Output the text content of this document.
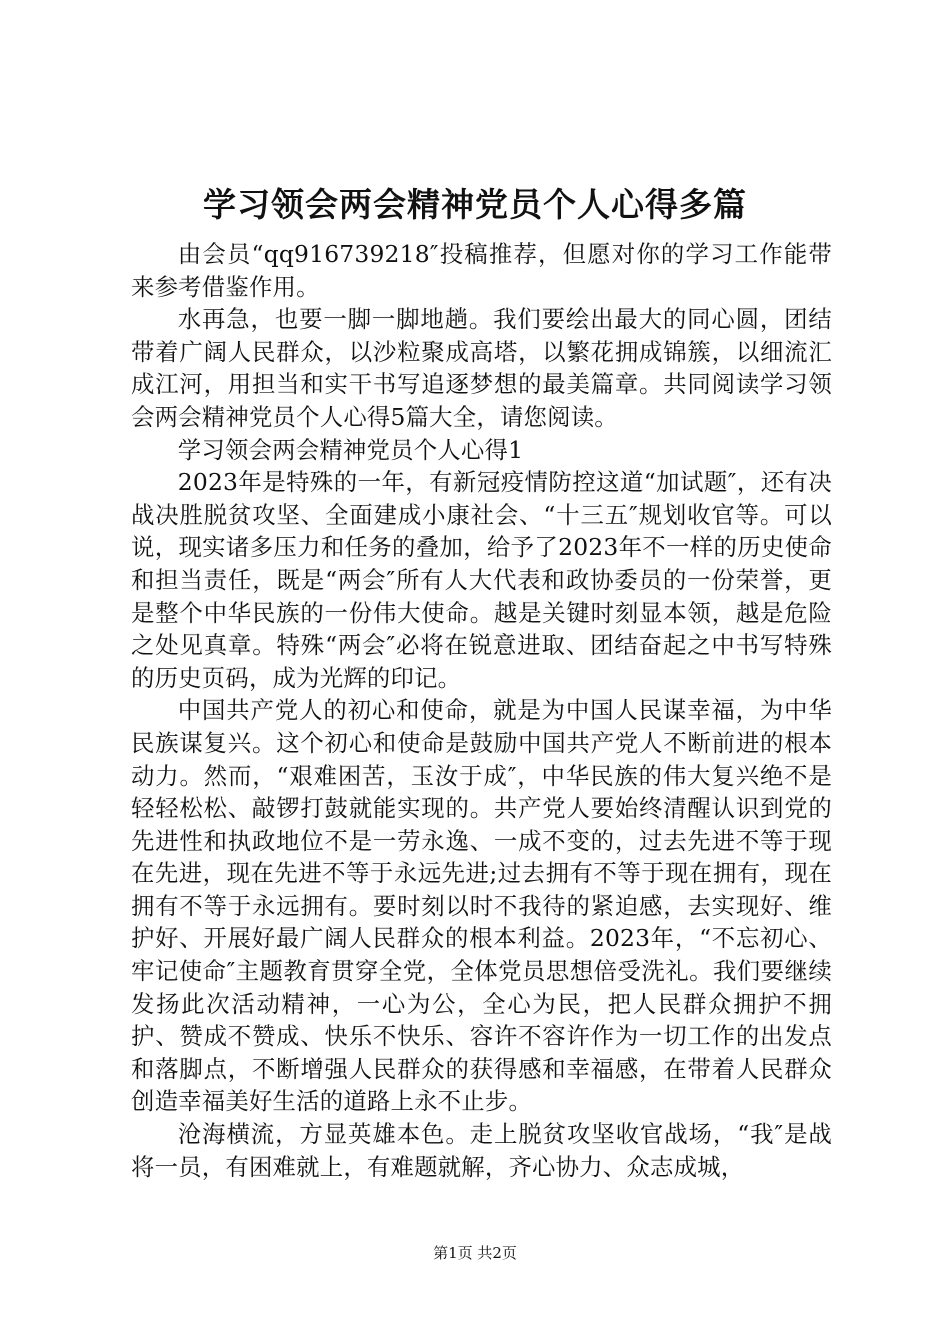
学习领会两会精神党员个人心得多篇

由会员“qq916739218″投稿推荐，但愿对你的学习工作能带来参考借鉴作用。

水再急，也要一脚一脚地趟。我们要绘出最大的同心圆，团结带着广阔人民群众，以沙粒聚成高塔，以繁花拥成锦簇，以细流汇成江河，用担当和实干书写追逐梦想的最美篇章。共同阅读学习领会两会精神党员个人心得5篇大全，请您阅读。

学习领会两会精神党员个人心得1

2023年是特殊的一年，有新冠疫情防控这道“加试题″，还有决战决胜脱贫攻坚、全面建成小康社会、“十三五″规划收官等。可以说，现实诸多压力和任务的叠加，给予了2023年不一样的历史使命和担当责任，既是“两会″所有人大代表和政协委员的一份荣誉，更是整个中华民族的一份伟大使命。越是关键时刻显本领，越是危险之处见真章。特殊“两会″必将在锐意进取、团结奋起之中书写特殊的历史页码，成为光辉的印记。

中国共产党人的初心和使命，就是为中国人民谋幸福，为中华民族谋复兴。这个初心和使命是鼓励中国共产党人不断前进的根本动力。然而，“艰难困苦，玉汝于成″，中华民族的伟大复兴绝不是轻轻松松、敲锣打鼓就能实现的。共产党人要始终清醒认识到党的先进性和执政地位不是一劳永逸、一成不变的，过去先进不等于现在先进，现在先进不等于永远先进;过去拥有不等于现在拥有，现在拥有不等于永远拥有。要时刻以时不我待的紧迫感，去实现好、维护好、开展好最广阔人民群众的根本利益。2023年，“不忘初心、牢记使命″主题教育贯穿全党，全体党员思想倍受洗礼。我们要继续发扬此次活动精神，一心为公，全心为民，把人民群众拥护不拥护、赞成不赞成、快乐不快乐、容许不容许作为一切工作的出发点和落脚点，不断增强人民群众的获得感和幸福感，在带着人民群众创造幸福美好生活的道路上永不止步。

沧海横流，方显英雄本色。走上脱贫攻坚收官战场，“我″是战将一员，有困难就上，有难题就解，齐心协力、众志成城，

第1页 共2页
